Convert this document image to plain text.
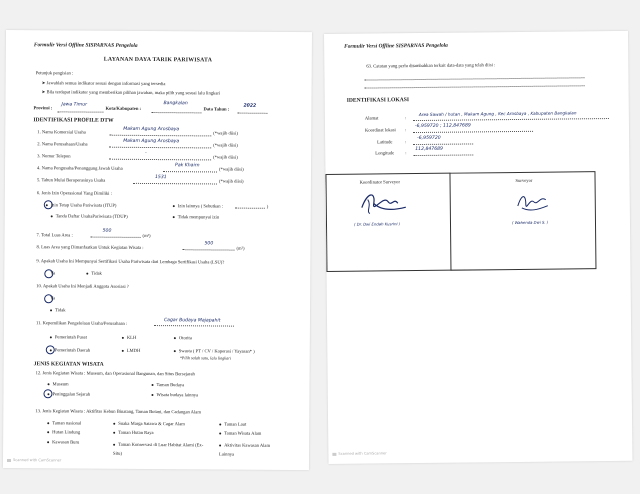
Formulir Versi Offline SISPARNAS Pengelola
LAYANAN DAYA TARIK PARIWISATA
Petunjuk pengisian :
➤ Jawablah semua indikator sesuai dengan informasi yang tersedia
➤ Bila terdapat indikator yang memberikan pilihan jawaban, maka pilih yang sesuai lalu lingkari
Provinsi :
Jawa Timur
Kota/Kabupaten :
Bangkalan
Data Tahun :
2022
IDENTIFIKASI PROFILE DTW
1. Nama Komersial Usaha	Makam Agung Arosbaya
(*wajib diisi)
2. Nama Perusahaan/Usaha	Makam Agung Arosbaya
(*wajib diisi)
3. Nomor Telepon	-
(*wajib diisi)
4. Nama Pengusaha/Penanggung Jawab Usaha	Pak Khairn
(*wajib diisi)
5. Tahun Mulai Beroperasinya Usaha	1531
(*wajib diisi)
6. Jenis Izin Operasional Yang Dimiliki :
Izin Tetap Usaha Pariwisata (ITUP)	Izin lainnya ( Sebutkan :	)
Tanda Daftar UsahaPariwisata (TDUP)	Tidak mempunyai izin
7. Total Luas Area :
500
(m²)
8. Luas Area yang Dimanfaatkan Untuk Kegiatan Wisata :
500
(m²)
9. Apakah Usaha Ini Mempunyai Sertifikasi Usaha Pariwisata dari Lembaga Sertifikasi Usaha (LSU)?
Ya	Tidak
10. Apakah Usaha Ini Menjadi Anggota Asosiasi ?
Ya
Tidak
11. Kepemilikan Pengelolaan Usaha/Perusahaan :	Cagar Budaya Majapahit
Pemerintah Pusat	KLH	Otorita
Pemerintah Daerah	LMDH	Swasta ( PT / CV / Koperasi / Yayasan* )
*Pilih salah satu, lalu lingkari
JENIS KEGIATAN WISATA
12. Jenis Kegiatan Wisata : Museum, dan Operasional Bangunan, dan Situs Bersejarah
Museum	Taman Budaya
Peninggalan Sejarah	Wisata budaya lainnya
13. Jenis Kegiatan Wisata : Aktifitas Kebun Binatang, Taman Botani, dan Cadangan Alam
Taman nasional	Suaka Marga Satawa & Cagar Alam	Taman Laut
Hutan Lindung	Taman Hutan Raya	Taman Wisata Alam
Kawasan Buru	Taman Konservasi di Luar Habitat Alami (Ex-Situ)
Aktivitas Kawasan Alam Lainnya
Scanned with CamScanner
Formulir Versi Offline SISPARNAS Pengelola
63. Catatan yang perlu ditambahkan terkait data-data yang telah diisi :
IDENTIFIKASI LOKASI
Alamat	:
Area Sawah / hutan , Makam Agung , Kec Arosbaya , Kabupaten Bangkalan
Koordinat lokasi :
-6,959720 ; 112,847689
Latitude	:
-6,959720
Longitude :
112,847689
Koordinator Surveyor	Surveyor
( Dr. Dwi Endah Kusrini )	( Wahenda Dwi S. )
Scanned with CamScanner
